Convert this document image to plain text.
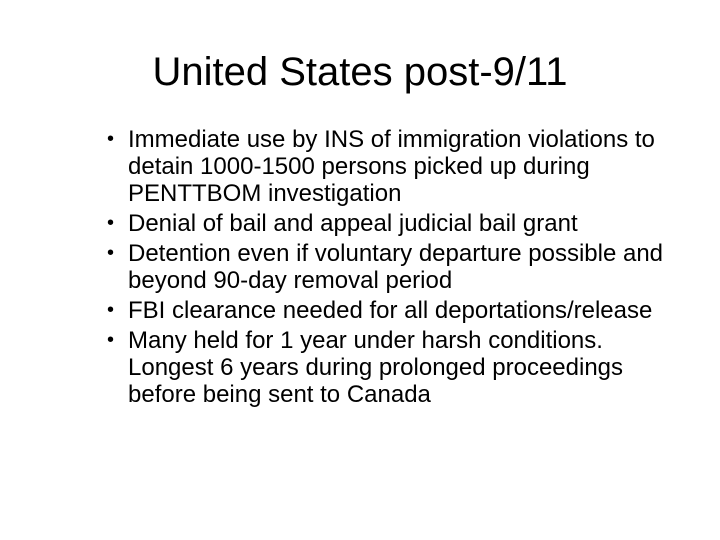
United States post-9/11
• Immediate use by INS of immigration violations to detain 1000-1500 persons picked up during PENTTBOM investigation
• Denial of bail and appeal judicial bail grant
• Detention even if voluntary departure possible and beyond 90-day removal period
• FBI clearance needed for all deportations/release
• Many held for 1 year under harsh conditions. Longest 6 years during prolonged proceedings before being sent to Canada
